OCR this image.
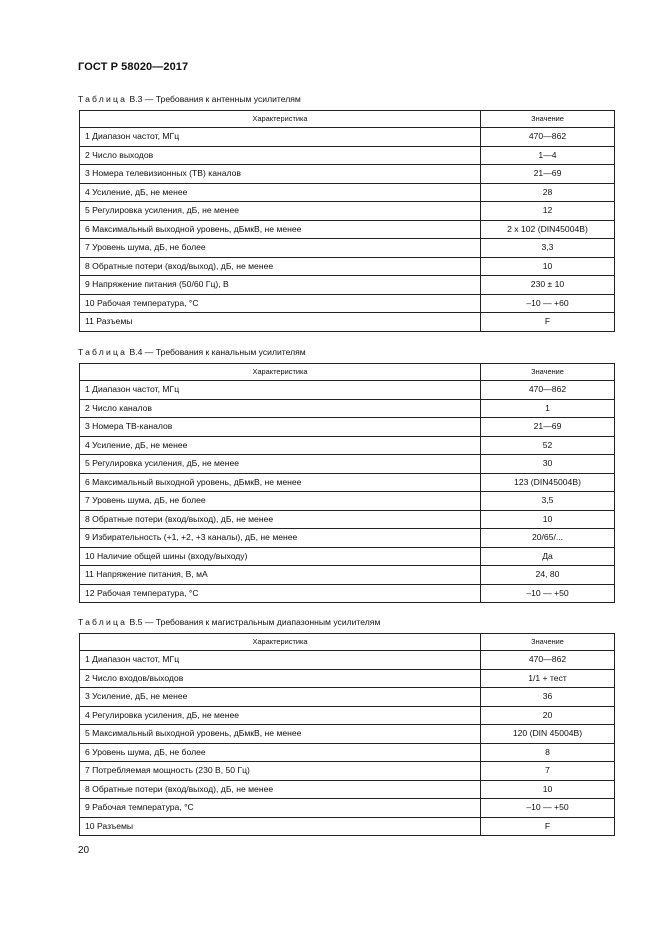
ГОСТ Р 58020—2017
Таблица В.3 — Требования к антенным усилителям
Характеристика	Значение
1 Диапазон частот, МГц	470—862
2 Число выходов	1—4
3 Номера телевизионных (ТВ) каналов	21—69
4 Усиление, дБ, не менее	28
5 Регулировка усиления, дБ, не менее	12
6 Максимальный выходной уровень, дБмкВ, не менее	2 x 102 (DIN45004B)
7 Уровень шума, дБ, не более	3,3
8 Обратные потери (вход/выход), дБ, не менее	10
9 Напряжение питания (50/60 Гц), В	230 ± 10
10 Рабочая температура, °С	–10 — +60
11 Разъемы	F
Таблица В.4 — Требования к канальным усилителям
Характеристика	Значение
1 Диапазон частот, МГц	470—862
2 Число каналов	1
3 Номера ТВ-каналов	21—69
4 Усиление, дБ, не менее	52
5 Регулировка усиления, дБ, не менее	30
6 Максимальный выходной уровень, дБмкВ, не менее	123 (DIN45004B)
7 Уровень шума, дБ, не более	3,5
8 Обратные потери (вход/выход), дБ, не менее	10
9 Избирательность (+1, +2, +3 каналы), дБ, не менее	20/65/...
10 Наличие общей шины (входу/выходу)	Да
11 Напряжение питания, В, мА	24, 80
12 Рабочая температура, °С	–10 — +50
Таблица В.5 — Требования к магистральным диапазонным усилителям
Характеристика	Значение
1 Диапазон частот, МГц	470—862
2 Число входов/выходов	1/1 + тест
3 Усиление, дБ, не менее	36
4 Регулировка усиления, дБ, не менее	20
5 Максимальный выходной уровень, дБмкВ, не менее	120 (DIN 45004В)
6 Уровень шума, дБ, не более	8
7 Потребляемая мощность (230 В, 50 Гц)	7
8 Обратные потери (вход/выход), дБ, не менее	10
9 Рабочая температура, °С	–10 — +50
10 Разъемы	F
20
